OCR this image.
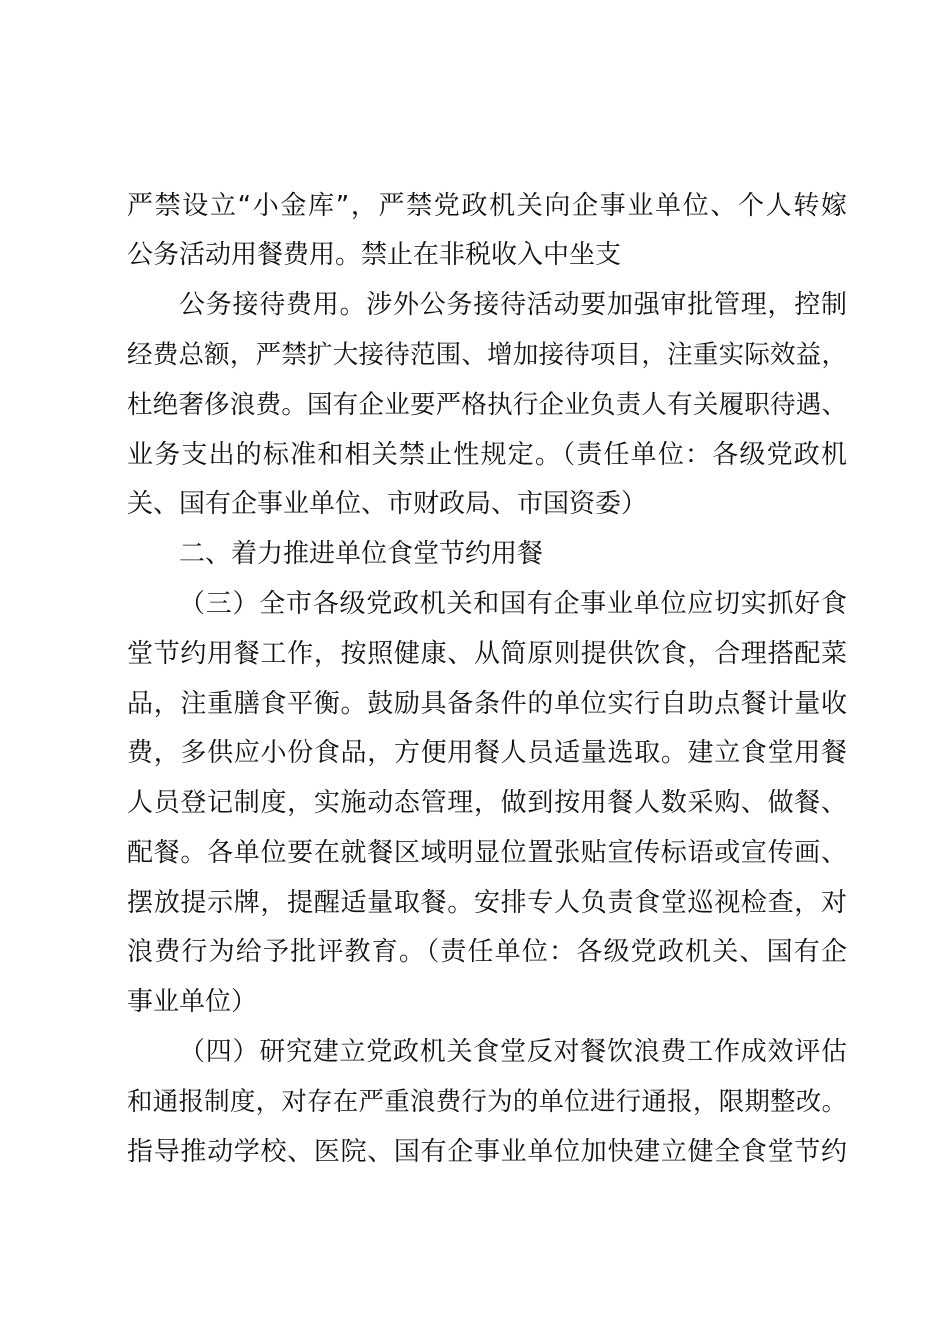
严禁设立“小金库”，严禁党政机关向企事业单位、个人转嫁
公务活动用餐费用。禁止在非税收入中坐支
公务接待费用。涉外公务接待活动要加强审批管理，控制
经费总额，严禁扩大接待范围、增加接待项目，注重实际效益，
杜绝奢侈浪费。国有企业要严格执行企业负责人有关履职待遇、
业务支出的标准和相关禁止性规定。（责任单位：各级党政机
关、国有企事业单位、市财政局、市国资委）
二、着力推进单位食堂节约用餐
（三）全市各级党政机关和国有企事业单位应切实抓好食
堂节约用餐工作，按照健康、从简原则提供饮食，合理搭配菜
品，注重膳食平衡。鼓励具备条件的单位实行自助点餐计量收
费，多供应小份食品，方便用餐人员适量选取。建立食堂用餐
人员登记制度，实施动态管理，做到按用餐人数采购、做餐、
配餐。各单位要在就餐区域明显位置张贴宣传标语或宣传画、
摆放提示牌，提醒适量取餐。安排专人负责食堂巡视检查，对
浪费行为给予批评教育。（责任单位：各级党政机关、国有企
事业单位）
（四）研究建立党政机关食堂反对餐饮浪费工作成效评估
和通报制度，对存在严重浪费行为的单位进行通报，限期整改。
指导推动学校、医院、国有企事业单位加快建立健全食堂节约
